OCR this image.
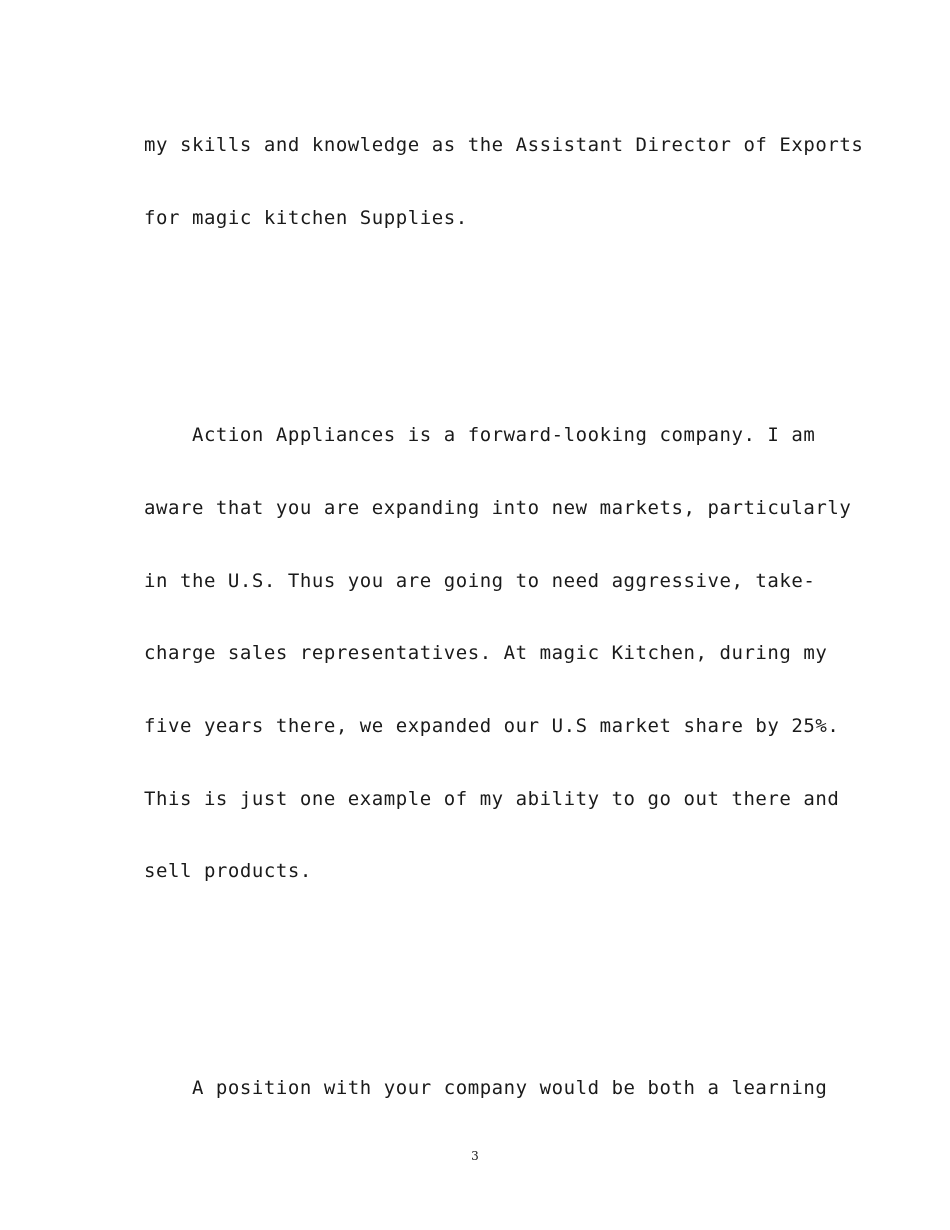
my skills and knowledge as the Assistant Director of Exports
for magic kitchen Supplies.
Action Appliances is a forward-looking company. I am
aware that you are expanding into new markets, particularly
in the U.S. Thus you are going to need aggressive, take-
charge sales representatives. At magic Kitchen, during my
five years there, we expanded our U.S market share by 25%.
This is just one example of my ability to go out there and
sell products.
A position with your company would be both a learning
3
